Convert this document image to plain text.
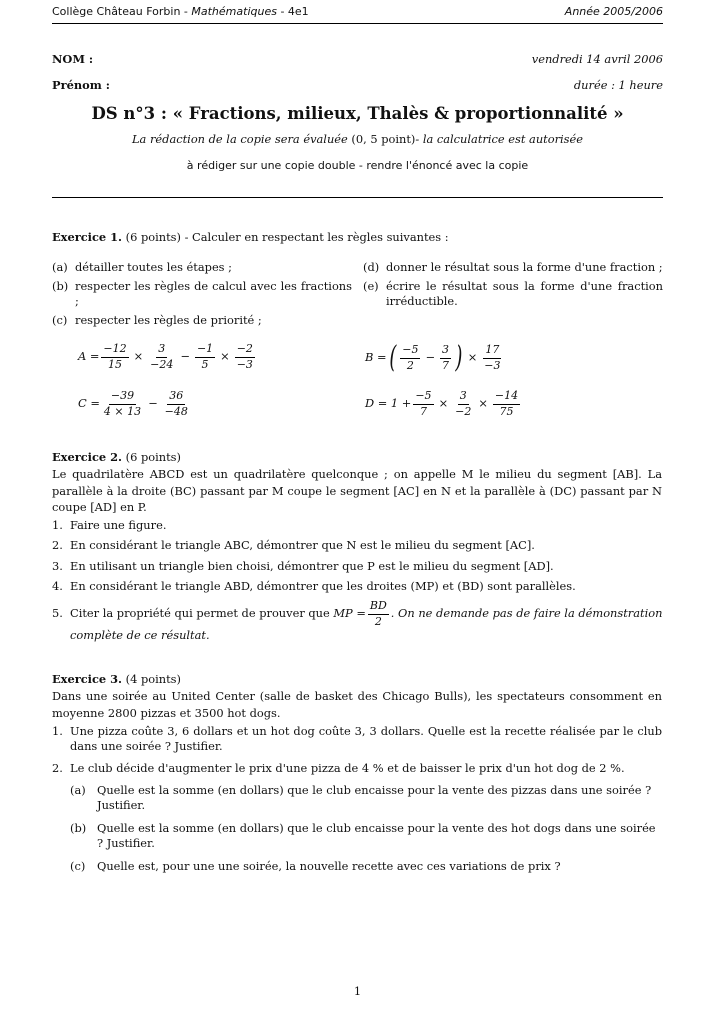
Collège Château Forbin - Mathématiques - 4e1	Année 2005/2006
NOM :	vendredi 14 avril 2006
Prénom :	durée : 1 heure
DS n°3 : « Fractions, milieux, Thalès & proportionnalité »
La rédaction de la copie sera évaluée (0, 5 point)- la calculatrice est autorisée
à rédiger sur une copie double - rendre l'énoncé avec la copie
Exercice 1. (6 points) - Calculer en respectant les règles suivantes :
(a) détailler toutes les étapes ;
(b) respecter les règles de calcul avec les fractions ;
(c) respecter les règles de priorité ;
(d) donner le résultat sous la forme d'une fraction ;
(e) écrire le résultat sous la forme d'une fraction irréductible.
$A = \frac{-12}{15} \times \frac{3}{-24} - \frac{-1}{5} \times \frac{-2}{-3}$	B = ( $\frac{-5}{2} - \frac{3}{7}$ ) × $\frac{17}{-3}$
$C = \frac{-39}{4 \times 13} - \frac{36}{-48}$	$D = 1 + \frac{-5}{7} \times \frac{3}{-2} \times \frac{-14}{75}$
Exercice 2. (6 points)
Le quadrilatère ABCD est un quadrilatère quelconque ; on appelle M le milieu du segment [AB]. La parallèle à la droite (BC) passant par M coupe le segment [AC] en N et la parallèle à (DC) passant par N coupe [AD] en P.
1. Faire une figure.
2. En considérant le triangle ABC, démontrer que N est le milieu du segment [AC].
3. En utilisant un triangle bien choisi, démontrer que P est le milieu du segment [AD].
4. En considérant le triangle ABD, démontrer que les droites (MP) et (BD) sont parallèles.
5. Citer la propriété qui permet de prouver que
MP = $\frac{BD}{2}$ . On ne demande pas de faire la démonstration
complète de ce résultat.
Exercice 3. (4 points)
Dans une soirée au United Center (salle de basket des Chicago Bulls), les spectateurs consomment en moyenne 2800 pizzas et 3500 hot dogs.
1. Une pizza coûte 3, 6 dollars et un hot dog coûte 3, 3 dollars. Quelle est la recette réalisée par le club dans une soirée ? Justifier.
2. Le club décide d'augmenter le prix d'une pizza de 4 % et de baisser le prix d'un hot dog de 2 %.
(a) Quelle est la somme (en dollars) que le club encaisse pour la vente des pizzas dans une soirée ? Justifier.
(b) Quelle est la somme (en dollars) que le club encaisse pour la vente des hot dogs dans une soirée ? Justifier.
(c)	Quelle est, pour une une soirée, la nouvelle recette avec ces variations de prix ?
1
